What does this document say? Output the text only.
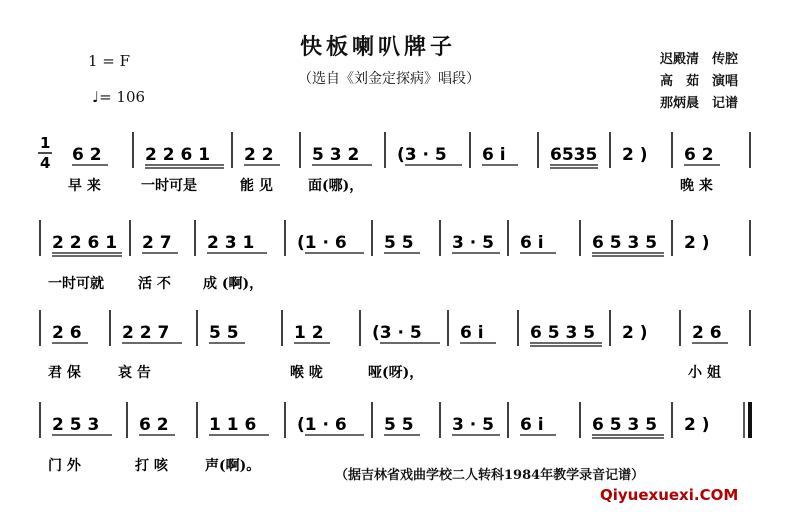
快板喇叭牌子
（选自《刘金定探病》唱段）
1 = F
♩= 106
迟殿清　传腔
高　茹　演唱
那炳晨　记谱
1
4 6 2
早 来
2 2 6 1
一时可是
2 2
能 见
5 3 2
面(哪)，
(3 · 5 6 i	6535 2 ) 6 2
晚 来
2 2 6 1
一时可就
2 7
活 不
2 3 1
成 (啊)，
(1 · 6 5 5 3 · 5 6 i	6 5 3 5 2 )
2 6
君 保
2 2 7
哀 告
5 5	1 2
喉 咙
(3 · 5
哑(呀)，
6 i	6 5 3 5 2 )	2 6
小 姐
2 5 3
门 外
6 2
打 咳
1 1 6
声(啊)。
(1 · 6 5 5 3 · 5 6 i	6 5 3 5 2 )
（据吉林省戏曲学校二人转科1984年教学录音记谱）
Qiyuexuexi.COM
